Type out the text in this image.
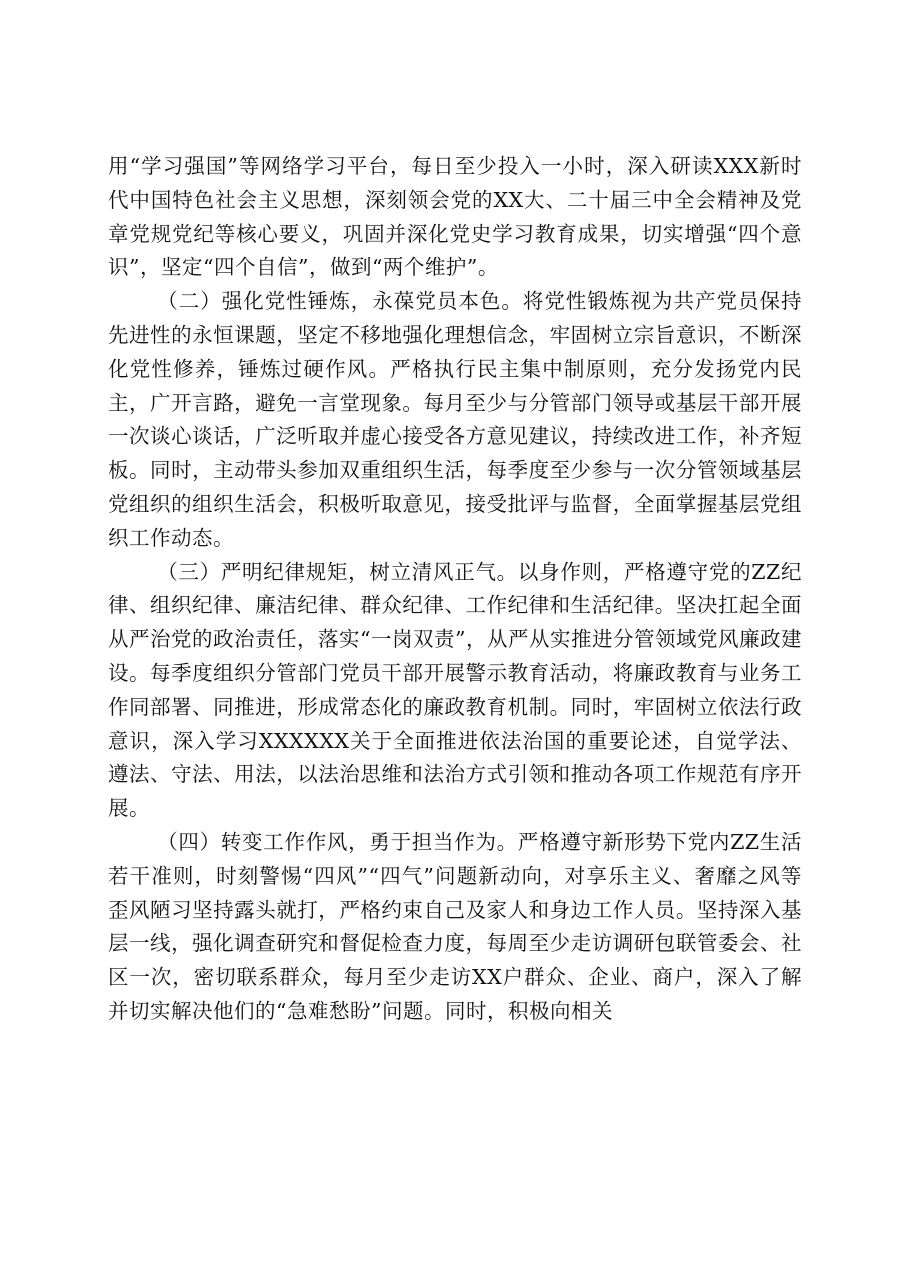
用“学习强国”等网络学习平台，每日至少投入一小时，深入研读XXX新时代中国特色社会主义思想，深刻领会党的XX大、二十届三中全会精神及党章党规党纪等核心要义，巩固并深化党史学习教育成果，切实增强“四个意识”，坚定“四个自信”，做到“两个维护”。

（二）强化党性锤炼，永葆党员本色。将党性锻炼视为共产党员保持先进性的永恒课题，坚定不移地强化理想信念，牢固树立宗旨意识，不断深化党性修养，锤炼过硬作风。严格执行民主集中制原则，充分发扬党内民主，广开言路，避免一言堂现象。每月至少与分管部门领导或基层干部开展一次谈心谈话，广泛听取并虚心接受各方意见建议，持续改进工作，补齐短板。同时，主动带头参加双重组织生活，每季度至少参与一次分管领域基层党组织的组织生活会，积极听取意见，接受批评与监督，全面掌握基层党组织工作动态。

（三）严明纪律规矩，树立清风正气。以身作则，严格遵守党的ZZ纪律、组织纪律、廉洁纪律、群众纪律、工作纪律和生活纪律。坚决扛起全面从严治党的政治责任，落实“一岗双责”，从严从实推进分管领域党风廉政建设。每季度组织分管部门党员干部开展警示教育活动，将廉政教育与业务工作同部署、同推进，形成常态化的廉政教育机制。同时，牢固树立依法行政意识，深入学习XXXXXX关于全面推进依法治国的重要论述，自觉学法、遵法、守法、用法，以法治思维和法治方式引领和推动各项工作规范有序开展。

（四）转变工作作风，勇于担当作为。严格遵守新形势下党内ZZ生活若干准则，时刻警惕“四风”“四气”问题新动向，对享乐主义、奢靡之风等歪风陋习坚持露头就打，严格约束自己及家人和身边工作人员。坚持深入基层一线，强化调查研究和督促检查力度，每周至少走访调研包联管委会、社区一次，密切联系群众，每月至少走访XX户群众、企业、商户，深入了解并切实解决他们的“急难愁盼”问题。同时，积极向相关
